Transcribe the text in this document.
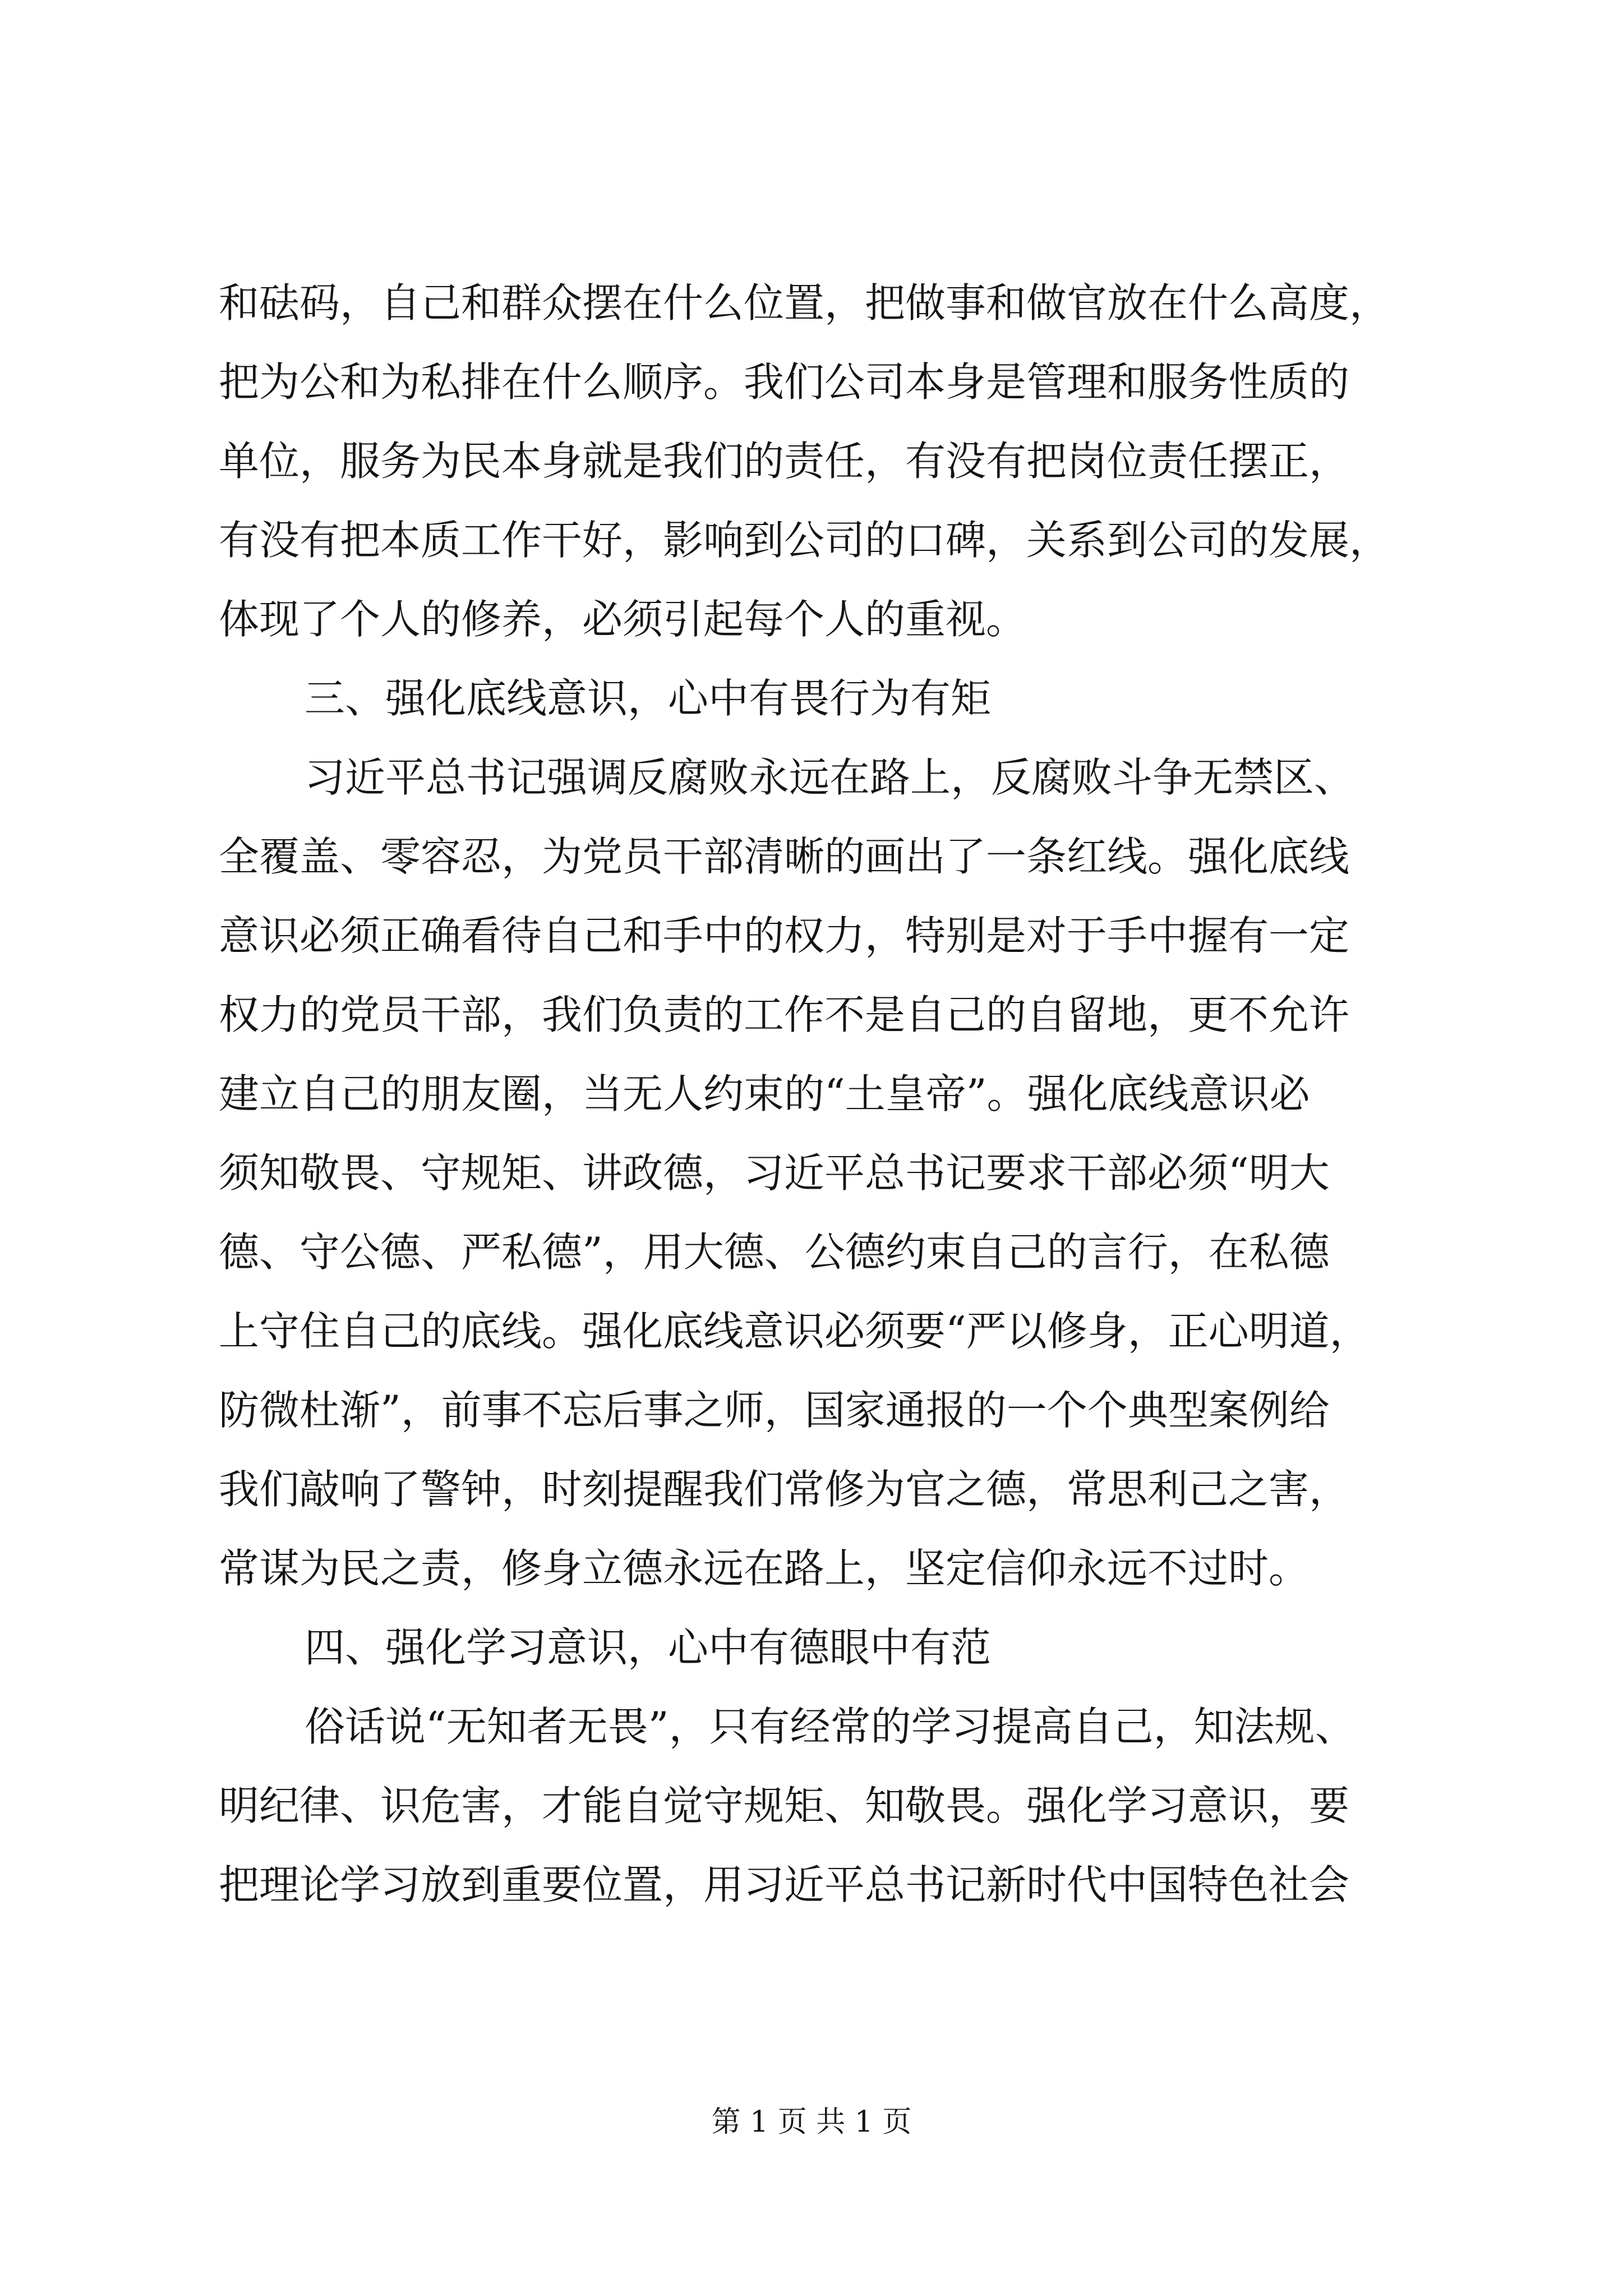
和砝码，自己和群众摆在什么位置，把做事和做官放在什么高度，
把为公和为私排在什么顺序。我们公司本身是管理和服务性质的
单位，服务为民本身就是我们的责任，有没有把岗位责任摆正，
有没有把本质工作干好，影响到公司的口碑，关系到公司的发展，
体现了个人的修养，必须引起每个人的重视。
三、强化底线意识，心中有畏行为有矩
习近平总书记强调反腐败永远在路上，反腐败斗争无禁区、
全覆盖、零容忍，为党员干部清晰的画出了一条红线。强化底线
意识必须正确看待自己和手中的权力，特别是对于手中握有一定
权力的党员干部，我们负责的工作不是自己的自留地，更不允许
建立自己的朋友圈，当无人约束的“土皇帝”。强化底线意识必
须知敬畏、守规矩、讲政德，习近平总书记要求干部必须“明大
德、守公德、严私德”，用大德、公德约束自己的言行，在私德
上守住自己的底线。强化底线意识必须要“严以修身，正心明道，
防微杜渐”，前事不忘后事之师，国家通报的一个个典型案例给
我们敲响了警钟，时刻提醒我们常修为官之德，常思利己之害，
常谋为民之责，修身立德永远在路上，坚定信仰永远不过时。
四、强化学习意识，心中有德眼中有范
俗话说“无知者无畏”，只有经常的学习提高自己，知法规、
明纪律、识危害，才能自觉守规矩、知敬畏。强化学习意识，要
把理论学习放到重要位置，用习近平总书记新时代中国特色社会
第 1 页 共 1 页
